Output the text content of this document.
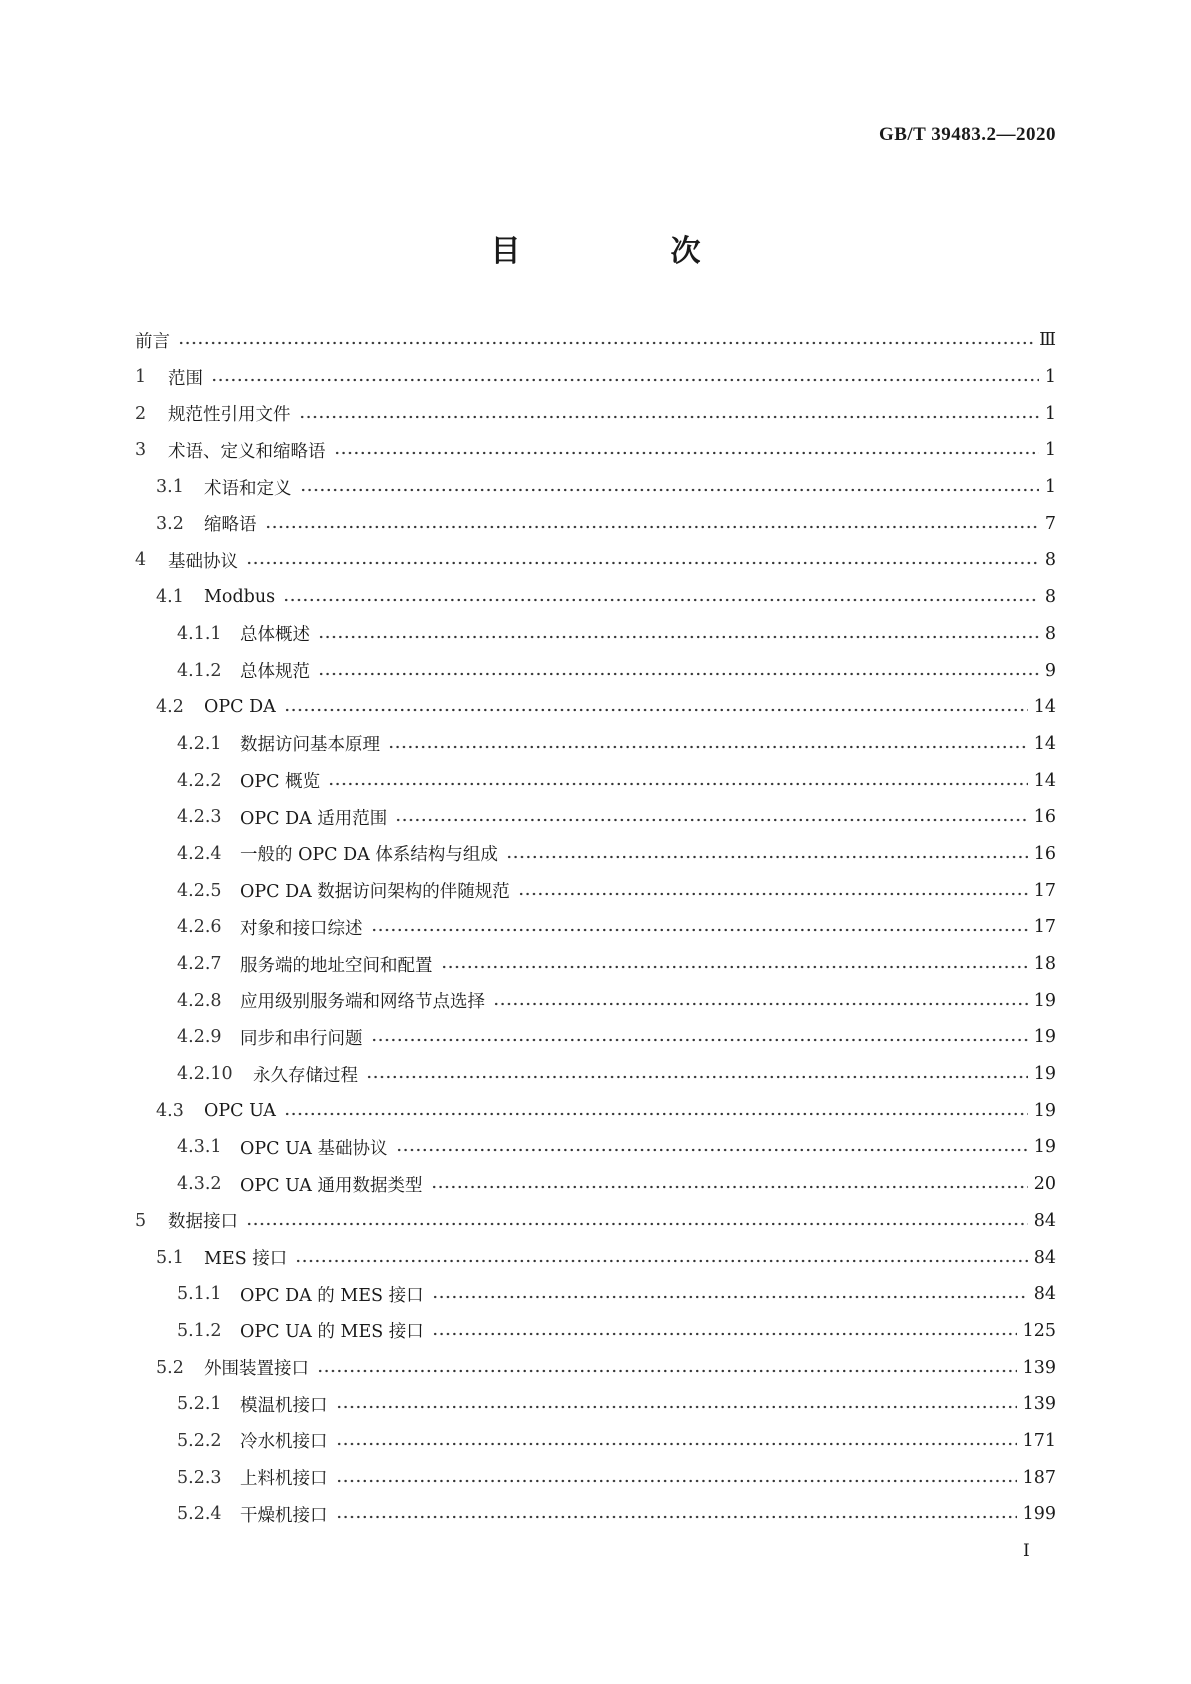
GB/T 39483.2—2020
目　次
前言	Ⅲ
1	范围	1
2	规范性引用文件	1
3	术语、定义和缩略语	1
3.1	术语和定义	1
3.2	缩略语	7
4	基础协议	8
4.1	Modbus	8
4.1.1	总体概述	8
4.1.2	总体规范	9
4.2	OPC DA	14
4.2.1	数据访问基本原理	14
4.2.2	OPC 概览	14
4.2.3	OPC DA 适用范围	16
4.2.4	一般的 OPC DA 体系结构与组成	16
4.2.5	OPC DA 数据访问架构的伴随规范	17
4.2.6	对象和接口综述	17
4.2.7	服务端的地址空间和配置	18
4.2.8	应用级别服务端和网络节点选择	19
4.2.9	同步和串行问题	19
4.2.10	永久存储过程	19
4.3	OPC UA	19
4.3.1	OPC UA 基础协议	19
4.3.2	OPC UA 通用数据类型	20
5	数据接口	84
5.1	MES 接口	84
5.1.1	OPC DA 的 MES 接口	84
5.1.2	OPC UA 的 MES 接口	125
5.2	外围装置接口	139
5.2.1	模温机接口	139
5.2.2	冷水机接口	171
5.2.3	上料机接口	187
5.2.4	干燥机接口	199
Ⅰ
